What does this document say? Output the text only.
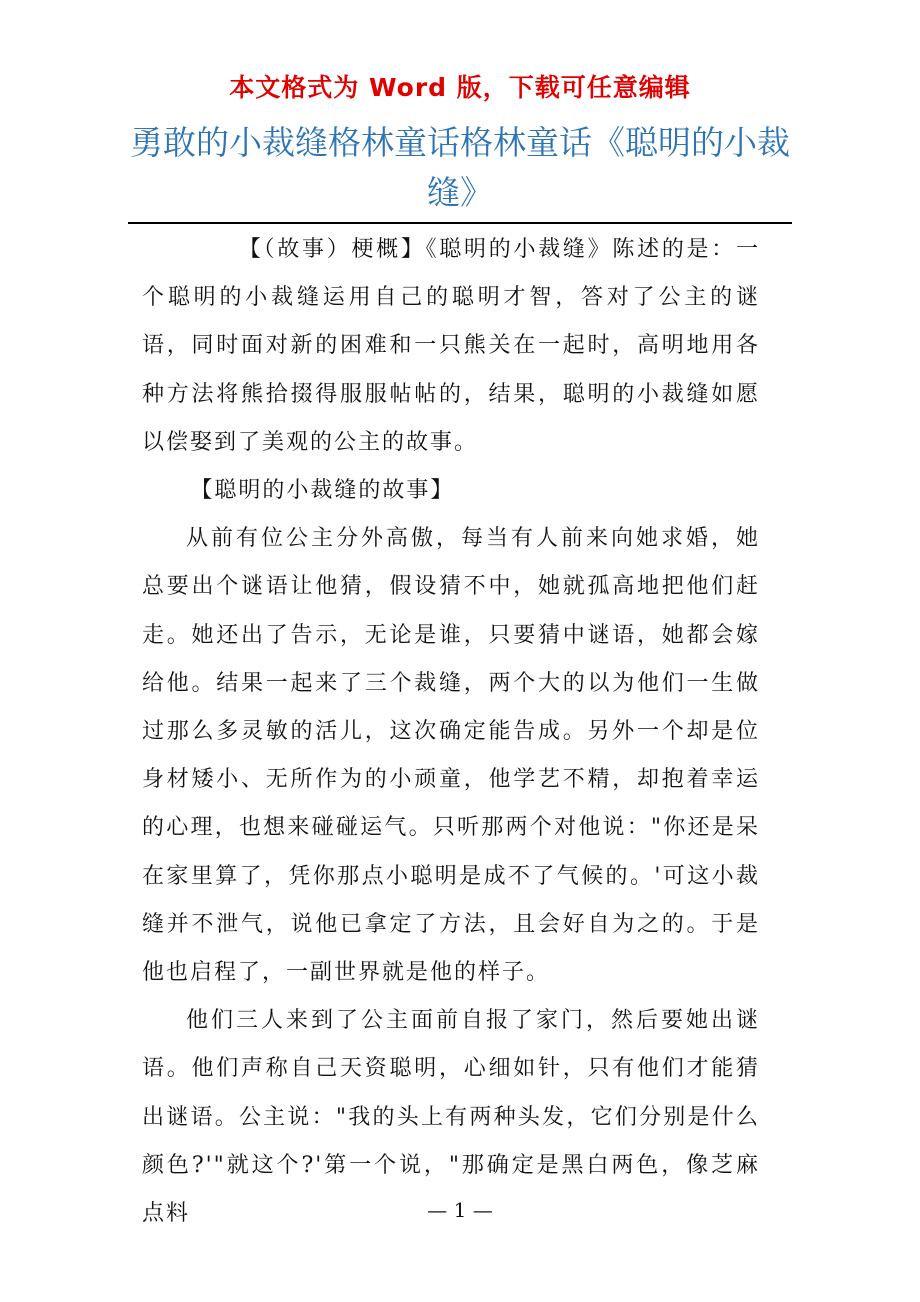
本文格式为 Word 版，下载可任意编辑
勇敢的小裁缝格林童话格林童话《聪明的小裁缝》

【（故事）梗概】《聪明的小裁缝》陈述的是：一个聪明的小裁缝运用自己的聪明才智，答对了公主的谜语，同时面对新的困难和一只熊关在一起时，高明地用各种方法将熊拾掇得服服帖帖的，结果，聪明的小裁缝如愿以偿娶到了美观的公主的故事。

【聪明的小裁缝的故事】

从前有位公主分外高傲，每当有人前来向她求婚，她总要出个谜语让他猜，假设猜不中，她就孤高地把他们赶走。她还出了告示，无论是谁，只要猜中谜语，她都会嫁给他。结果一起来了三个裁缝，两个大的以为他们一生做过那么多灵敏的活儿，这次确定能告成。另外一个却是位身材矮小、无所作为的小顽童，他学艺不精，却抱着幸运的心理，也想来碰碰运气。只听那两个对他说："你还是呆在家里算了，凭你那点小聪明是成不了气候的。'可这小裁缝并不泄气，说他已拿定了方法，且会好自为之的。于是他也启程了，一副世界就是他的样子。

他们三人来到了公主面前自报了家门，然后要她出谜语。他们声称自己天资聪明，心细如针，只有他们才能猜出谜语。公主说："我的头上有两种头发，它们分别是什么颜色?'"就这个?'第一个说，"那确定是黑白两色，像芝麻点料	— 1 —
